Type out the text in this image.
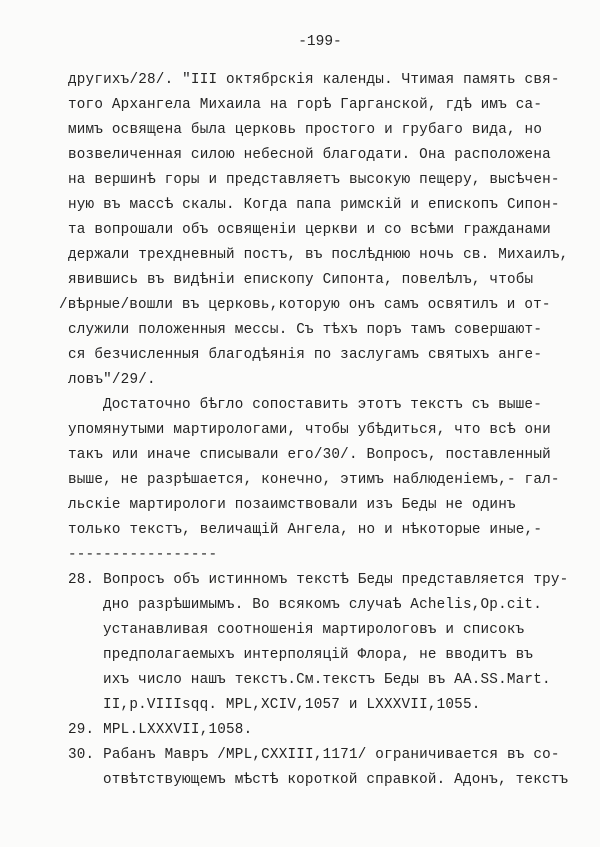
-199-
другихъ/28/. "III октябрскія календы. Чтимая память свя-
того Архангела Михаила на горѣ Гарганской, гдѣ имъ са-
мимъ освящена была церковь простого и грубаго вида, но
возвеличенная силою небесной благодати. Она расположена
на вершинѣ горы и представляетъ высокую пещеру, высѣчен-
ную въ массѣ скалы. Когда папа римскій и епископъ Сипон-
та вопрошали объ освященіи церкви и со всѣми гражданами
держали трехдневный постъ, въ послѣднюю ночь св. Михаилъ,
явившись въ видѣніи епископу Сипонта, повелѣлъ, чтобы
/вѣрные/вошли въ церковь,которую онъ самъ освятилъ и от-
служили положенныя мессы. Съ тѣхъ поръ тамъ совершают-
ся безчисленныя благодѣянія по заслугамъ святыхъ анге-
ловъ"/29/.
Достаточно бѣгло сопоставить этотъ текстъ съ выше-
упомянутыми мартирологами, чтобы убѣдиться, что всѣ они
такъ или иначе списывали его/30/. Вопросъ, поставленный
выше, не разрѣшается, конечно, этимъ наблюденіемъ,- гал-
льскіе мартирологи позаимствовали изъ Беды не одинъ
только текстъ, величащій Ангела, но и нѣкоторые иные,-
-----------------
28. Вопросъ объ истинномъ текстѣ Беды представляется тру-
дно разрѣшимымъ. Во всякомъ случаѣ Achelis,Op.cit.
устанавливая соотношенія мартирологовъ и списокъ
предполагаемыхъ интерполяцій Флора, не вводитъ въ
ихъ число нашъ текстъ.См.текстъ Беды въ AA.SS.Mart.
II,p.VIIIsqq. MPL,XCIV,1057 и LXXXVII,1055.
29. MPL.LXXXVII,1058.
30. Рабанъ Мавръ /MPL,CXXIII,1171/ ограничивается въ со-
отвѣтствующемъ мѣстѣ короткой справкой. Адонъ, текстъ
